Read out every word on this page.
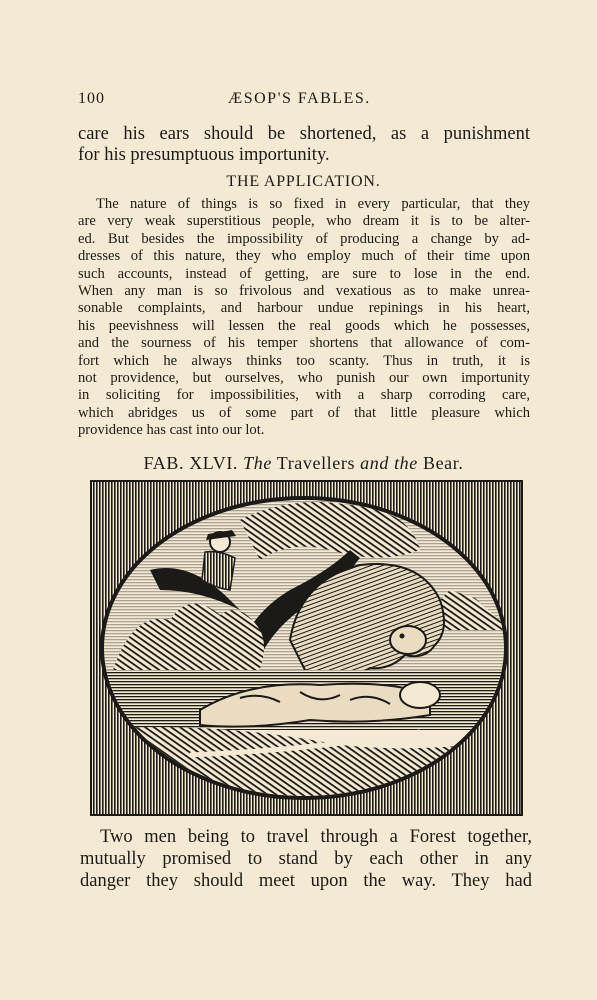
100	ÆSOP'S FABLES.
care his ears should be shortened, as a punishment
for his presumptuous importunity.
THE APPLICATION.
The nature of things is so fixed in every particular, that they
are very weak superstitious people, who dream it is to be alter-
ed. But besides the impossibility of producing a change by ad-
dresses of this nature, they who employ much of their time upon
such accounts, instead of getting, are sure to lose in the end.
When any man is so frivolous and vexatious as to make unrea-
sonable complaints, and harbour undue repinings in his heart,
his peevishness will lessen the real goods which he possesses,
and the sourness of his temper shortens that allowance of com-
fort which he always thinks too scanty. Thus in truth, it is
not providence, but ourselves, who punish our own importunity
in soliciting for impossibilities, with a sharp corroding care,
which abridges us of some part of that little pleasure which
providence has cast into our lot.
FAB. XLVI. The Travellers and the Bear.
Two men being to travel through a Forest together,
mutually promised to stand by each other in any
danger they should meet upon the way. They had
